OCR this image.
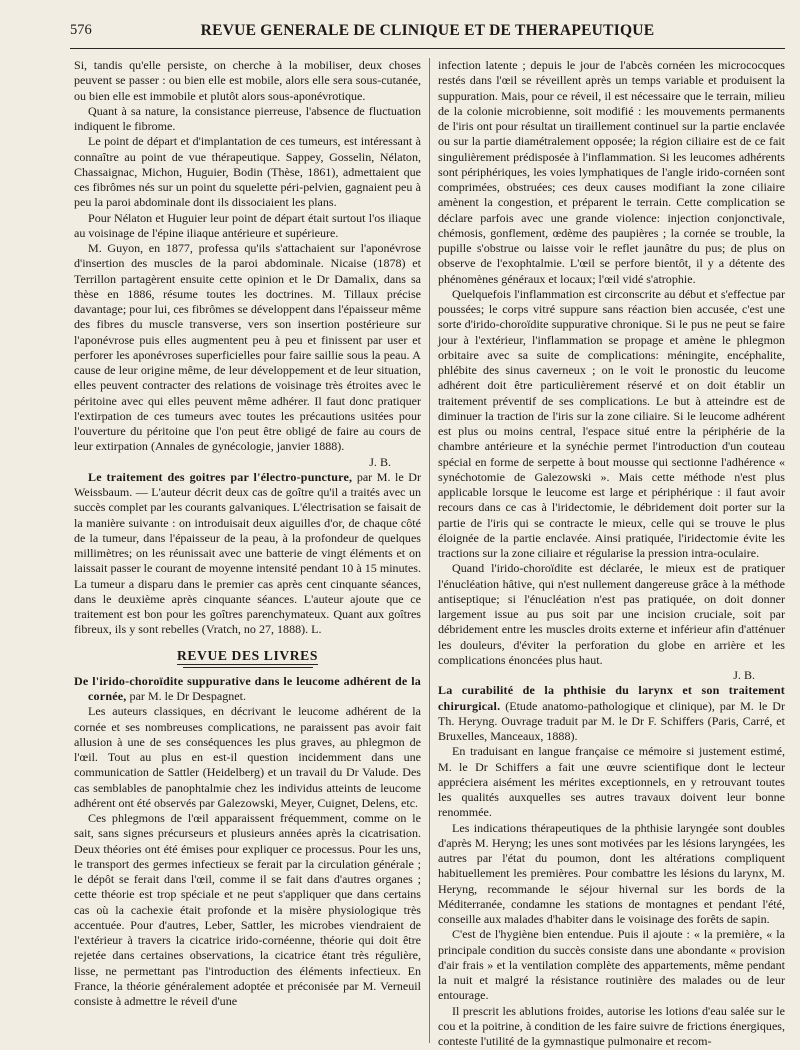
576	REVUE GENERALE DE CLINIQUE ET DE THERAPEUTIQUE

Si, tandis qu'elle persiste, on cherche à la mobiliser, deux choses peuvent se passer : ou bien elle est mobile, alors elle sera sous-cutanée, ou bien elle est immobile et plutôt alors sous-aponévrotique.

Quant à sa nature, la consistance pierreuse, l'absence de fluctuation indiquent le fibrome.

Le point de départ et d'implantation de ces tumeurs, est intéressant à connaître au point de vue thérapeutique. Sappey, Gosselin, Nélaton, Chassaignac, Michon, Huguier, Bodin (Thèse, 1861), admettaient que ces fibrômes nés sur un point du squelette péri-pelvien, gagnaient peu à peu la paroi abdominale dont ils dissociaient les plans.

Pour Nélaton et Huguier leur point de départ était surtout l'os iliaque au voisinage de l'épine iliaque antérieure et supérieure.

M. Guyon, en 1877, professa qu'ils s'attachaient sur l'aponévrose d'insertion des muscles de la paroi abdominale. Nicaise (1878) et Terrillon partagèrent ensuite cette opinion et le Dr Damalix, dans sa thèse en 1886, résume toutes les doctrines. M. Tillaux précise davantage; pour lui, ces fibrômes se développent dans l'épaisseur même des fibres du muscle transverse, vers son insertion postérieure sur l'aponévrose puis elles augmentent peu à peu et finissent par user et perforer les aponévroses superficielles pour faire saillie sous la peau. A cause de leur origine même, de leur développement et de leur situation, elles peuvent contracter des relations de voisinage très étroites avec le péritoine avec qui elles peuvent même adhérer. Il faut donc pratiquer l'extirpation de ces tumeurs avec toutes les précautions usitées pour l'ouverture du péritoine que l'on peut être obligé de faire au cours de leur extirpation (Annales de gynécologie, janvier 1888).

J. B.

Le traitement des goitres par l'électro-puncture, par M. le Dr Weissbaum. — L'auteur décrit deux cas de goître qu'il a traités avec un succès complet par les courants galvaniques. L'électrisation se faisait de la manière suivante : on introduisait deux aiguilles d'or, de chaque côté de la tumeur, dans l'épaisseur de la peau, à la profondeur de quelques millimètres; on les réunissait avec une batterie de vingt éléments et on laissait passer le courant de moyenne intensité pendant 10 à 15 minutes. La tumeur a disparu dans le premier cas après cent cinquante séances, dans le deuxième après cinquante séances. L'auteur ajoute que ce traitement est bon pour les goîtres parenchymateux. Quant aux goîtres fibreux, ils y sont rebelles (Vratch, no 27, 1888). L.

REVUE DES LIVRES

De l'irido-choroïdite suppurative dans le leucome adhérent de la cornée, par M. le Dr Despagnet.

Les auteurs classiques, en décrivant le leucome adhérent de la cornée et ses nombreuses complications, ne paraissent pas avoir fait allusion à une de ses conséquences les plus graves, au phlegmon de l'œil. Tout au plus en est-il question incidemment dans une communication de Sattler (Heidelberg) et un travail du Dr Valude. Des cas semblables de panophtalmie chez les individus atteints de leucome adhérent ont été observés par Galezowski, Meyer, Cuignet, Delens, etc.

Ces phlegmons de l'œil apparaissent fréquemment, comme on le sait, sans signes précurseurs et plusieurs années après la cicatrisation. Deux théories ont été émises pour expliquer ce processus. Pour les uns, le transport des germes infectieux se ferait par la circulation générale ; le dépôt se ferait dans l'œil, comme il se fait dans d'autres organes ; cette théorie est trop spéciale et ne peut s'appliquer que dans certains cas où la cachexie était profonde et la misère physiologique très accentuée. Pour d'autres, Leber, Sattler, les microbes viendraient de l'extérieur à travers la cicatrice irido-cornéenne, théorie qui doit être rejetée dans certaines observations, la cicatrice étant très régulière, lisse, ne permettant pas l'introduction des éléments infectieux. En France, la théorie généralement adoptée et préconisée par M. Verneuil consiste à admettre le réveil d'une

infection latente ; depuis le jour de l'abcès cornéen les micrococques restés dans l'œil se réveillent après un temps variable et produisent la suppuration. Mais, pour ce réveil, il est nécessaire que le terrain, milieu de la colonie microbienne, soit modifié : les mouvements permanents de l'iris ont pour résultat un tiraillement continuel sur la partie enclavée ou sur la partie diamétralement opposée; la région ciliaire est de ce fait singulièrement prédisposée à l'inflammation. Si les leucomes adhérents sont périphériques, les voies lymphatiques de l'angle irido-cornéen sont comprimées, obstruées; ces deux causes modifiant la zone ciliaire amènent la congestion, et préparent le terrain. Cette complication se déclare parfois avec une grande violence: injection conjonctivale, chémosis, gonflement, œdème des paupières ; la cornée se trouble, la pupille s'obstrue ou laisse voir le reflet jaunâtre du pus; de plus on observe de l'exophtalmie. L'œil se perfore bientôt, il y a détente des phénomènes généraux et locaux; l'œil vidé s'atrophie.

Quelquefois l'inflammation est circonscrite au début et s'effectue par poussées; le corps vitré suppure sans réaction bien accusée, c'est une sorte d'irido-choroïdite suppurative chronique. Si le pus ne peut se faire jour à l'extérieur, l'inflammation se propage et amène le phlegmon orbitaire avec sa suite de complications: méningite, encéphalite, phlébite des sinus caverneux ; on le voit le pronostic du leucome adhérent doit être particulièrement réservé et on doit établir un traitement préventif de ses complications. Le but à atteindre est de diminuer la traction de l'iris sur la zone ciliaire. Si le leucome adhérent est plus ou moins central, l'espace situé entre la périphérie de la chambre antérieure et la synéchie permet l'introduction d'un couteau spécial en forme de serpette à bout mousse qui sectionne l'adhérence « synéchotomie de Galezowski ». Mais cette méthode n'est plus applicable lorsque le leucome est large et périphérique : il faut avoir recours dans ce cas à l'iridectomie, le débridement doit porter sur la partie de l'iris qui se contracte le mieux, celle qui se trouve le plus éloignée de la partie enclavée. Ainsi pratiquée, l'iridectomie évite les tractions sur la zone ciliaire et régularise la pression intra-oculaire.

Quand l'irido-choroïdite est déclarée, le mieux est de pratiquer l'énucléation hâtive, qui n'est nullement dangereuse grâce à la méthode antiseptique; si l'énucléation n'est pas pratiquée, on doit donner largement issue au pus soit par une incision cruciale, soit par débridement entre les muscles droits externe et inférieur afin d'atténuer les douleurs, d'éviter la perforation du globe en arrière et les complications énoncées plus haut.

J. B.

La curabilité de la phthisie du larynx et son traitement chirurgical. (Etude anatomo-pathologique et clinique), par M. le Dr Th. Heryng. Ouvrage traduit par M. le Dr F. Schiffers (Paris, Carré, et Bruxelles, Manceaux, 1888).

En traduisant en langue française ce mémoire si justement estimé, M. le Dr Schiffers a fait une œuvre scientifique dont le lecteur appréciera aisément les mérites exceptionnels, en y retrouvant toutes les qualités auxquelles ses autres travaux doivent leur bonne renommée.

Les indications thérapeutiques de la phthisie laryngée sont doubles d'après M. Heryng; les unes sont motivées par les lésions laryngées, les autres par l'état du poumon, dont les altérations compliquent habituellement les premières. Pour combattre les lésions du larynx, M. Heryng, recommande le séjour hivernal sur les bords de la Méditerranée, condamne les stations de montagnes et pendant l'été, conseille aux malades d'habiter dans le voisinage des forêts de sapin.

C'est de l'hygiène bien entendue. Puis il ajoute : « la première, « la principale condition du succès consiste dans une abondante « provision d'air frais » et la ventilation complète des appartements, même pendant la nuit et malgré la résistance routinière des malades ou de leur entourage.

Il prescrit les ablutions froides, autorise les lotions d'eau salée sur le cou et la poitrine, à condition de les faire suivre de frictions énergiques, conteste l'utilité de la gymnastique pulmonaire et recom-
